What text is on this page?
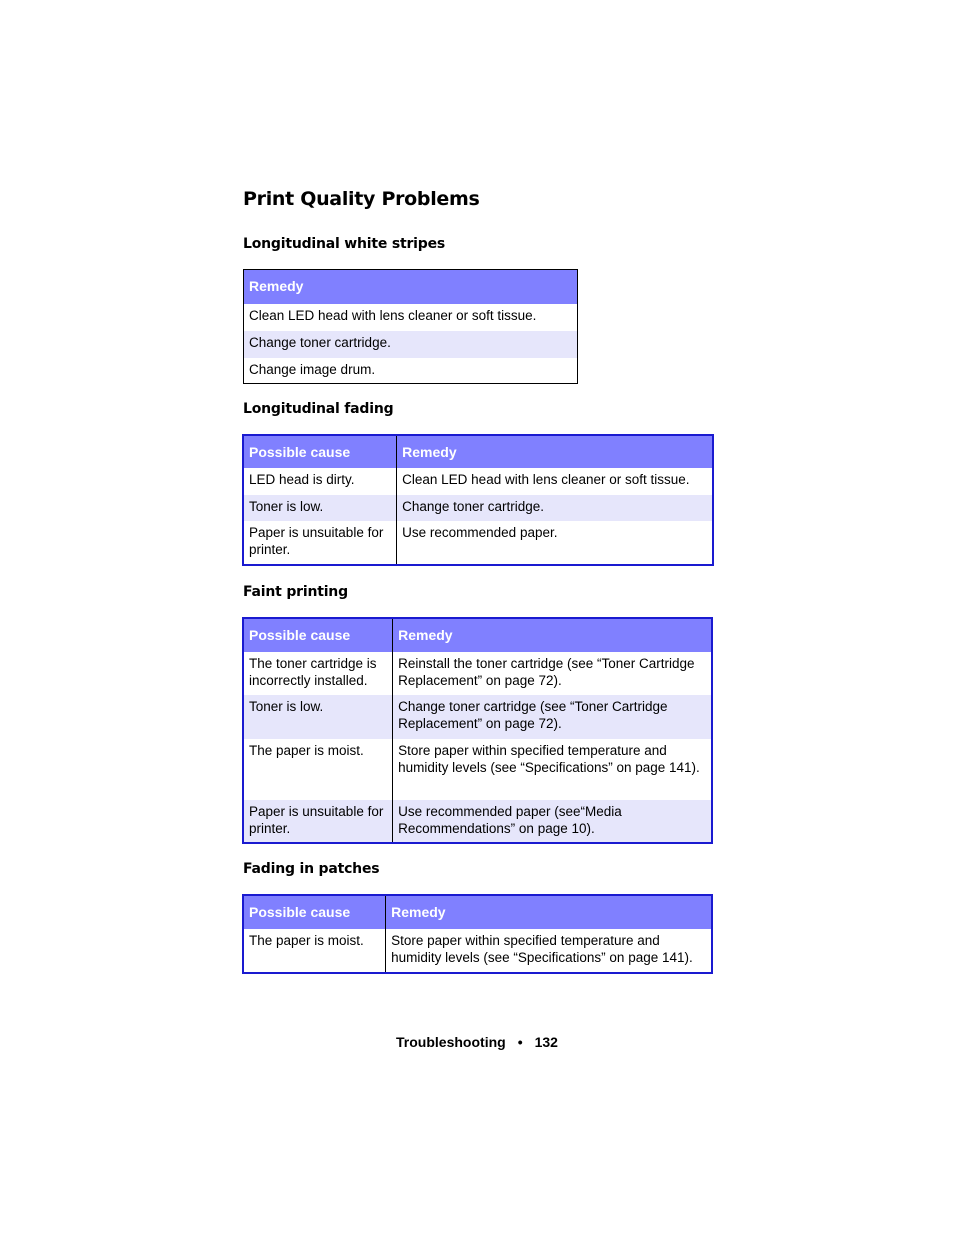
Print Quality Problems
Longitudinal white stripes
Remedy
Clean LED head with lens cleaner or soft tissue.
Change toner cartridge.
Change image drum.
Longitudinal fading
Possible cause	Remedy
LED head is dirty.	Clean LED head with lens cleaner or soft tissue.
Toner is low.	Change toner cartridge.
Paper is unsuitable for printer.	Use recommended paper.
Faint printing
Possible cause	Remedy
The toner cartridge is incorrectly installed.	Reinstall the toner cartridge (see “Toner Cartridge Replacement” on page 72).
Toner is low.	Change toner cartridge (see “Toner Cartridge Replacement” on page 72).
The paper is moist.	Store paper within specified temperature and humidity levels (see “Specifications” on page 141).
Paper is unsuitable for printer.	Use recommended paper (see“Media Recommendations” on page 10).
Fading in patches
Possible cause	Remedy
The paper is moist.	Store paper within specified temperature and humidity levels (see “Specifications” on page 141).
Troubleshooting • 132
